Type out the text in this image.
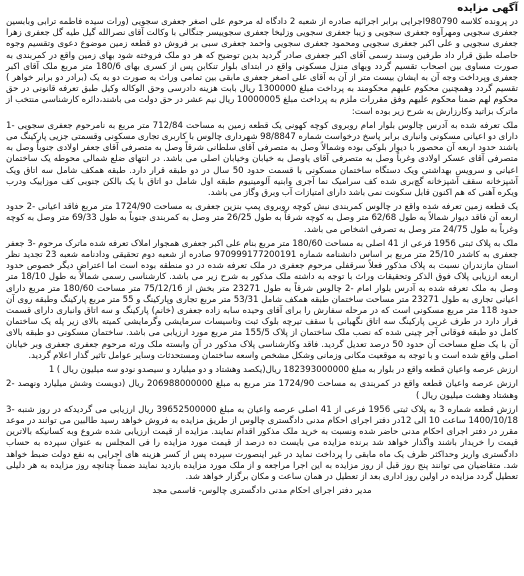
آگهی مزایده

در پرونده کلاسه 980790اجرایی برابر اجرائیه صادره از شعبه 2 دادگاه له مرحوم علی اصغر جعفری سجویی (ورات سیده فاطمه ترابی وبابسین جعفری سجویی ومهرآوه جعفری سجویی و زیبا جعفری سجویی وزلیخا جعفری سجوییسر جنگالی با وکالت آقای نصرالله گیل طیه گل جعفری زهرا جعفری سجویی و علی اکبر جعفری سجویی ومحمود جعفری سجویی واحمد جعفری سبی بر فروش دو قطعه زمین موضوع دعوی وتقسیم وجوه حاصله طبق قرار داد طرفین وسند رسمی آقای اکبر جعفری صادر گردید بدین توضیح که هر دو ملک فروخته شود بهای زمین واقع در کمربندی به صورت مساوی بین اصحاب تقسیم گردد وبهای منزل مسکونی واقع در ابتدای بلوار تنکابن پس از کسری بهای 180/6 متر مربع ملک آقای اکبر جعفری وپرداخت وجه آن به ایشان بیست متر از آن به آقای علی اصغر جعفری مابقی بین تمامی وراث به صورت دو به یک (برادر دو برابر خواهر ) تقسیم گردد وهمچنین محکوم علیهم محکومند به پرداخت مبلغ 1300000 ریال بابت هزینه دادرسی وحق الوکاله وکیل طبق تعرفه قانونی در حق محکوم لهم ضمنا محکوم علیهم وفق مقررات ملزم به پرداخت مبلغ 10000005 ریال نیم عشر در حق دولت می باشند،دائره کارشناسی منتخب از ماترک بزاتید وکارزارش به شرح زیر بوده است:

ملک تعرفه شده به آدرس چالوس بلوار امام روبروی کوچه کهونی یک قطعه زمین به مساحت 712/84 متر مربع به نامرحوم جعفری سجویی -1 دارای دو اعیانی مسکونی وانباری برابر پاسخ درخواست شماره 98/8847 شهرداری چالوس با کاربری تجاری مسکونی وقسمتی جزیی پارکینگ می باشند حدود اربعه آن محصور با دیوار بلوکی بوده وشمالاً وصل به متصرفی آقای سلطانی شرقاً وصل به متصرفی آقای جعفر اولادی جنوباً وصل به متصرفی آقای عسکر اولادی وغرباً وصل به متصرفی آقای یاوصل به خیابان وخیابان اصلی می باشد. در انتهای ضلع شمالی محوطه یک ساختمان اعیانی و سرویس بهداشتی ویک دستگاه ساختمان مسکونی با قسمت حدود 50 سال در دو طبقه قرار دارد. طبقه همکف شامل سه اتاق ویک آشپزخانه سقف آشپزخانه گچ‌بری شده کف سرامیک نما آجری وابنیه آلومینیوم طبقه اول شامل دو اتاق با یک بالکن جنوبی کف موزاییک ودرب ویکره آهنی که هم اکنون قابل سکونت نمی باشد دارای امتیازات آب وبرق وگاز می باشد.

یک قطعه زمین تعرفه شده واقع در چالوس کمربندی نبش کوچه روبروی پمپ بنزین جعفری به مساحت 1724/90 متر مربع فاقد اعیانی -2 حدود اربعه آن فاقد دیوار شمالاً به طول 62/68 متر وصل به کوچه شرقاً به طول 26/25 متر وصل به کمربندی جنوباً به طول 69/33 متر وصل به کوچه وغرباً به طول 24/75 متر وصل به تصرفی اشخاص می باشد.

ملک به پلاک ثبتی 1956 فرعی از 41 اصلی به مساحت 180/60 متر مربع بنام علی اکبر جعفری همجوار املاک تعرفه شده ماترک مرحوم -3 جعفر جعفری به کاشدر 25/10 متر مربع بر اساس دانشنامه شماره 970999177200191 صادره از شعبه دوم تحقیقی ودادنامه شعبه 23 تجدید نظر استان مازندران نسبت به پلاک مذکور فعلاً سرقفلی مرحوم جعفری در ملک تعرفه شده در دو منطقه بوده است اما اعتراض دیگر خصوص حدود اربعه ارزیابی پلاک فوق الذکر وتحقیقات وراث با توجه به داشته ملک مذکور به شرح زیر می باشد. کارشناسی رسمی شمالاً به طول 18/10 متر وصل به ملک تعرفه شده به آدرس بلوار امام -2 چالوس شرقاً به طول 23271 متر بخش از 75/12/16 متر مساحت 180/60 متر مربع دارای اعیانی تجاری به طول 23271 متر مساحت ساختمان طبقه همکف شامل 53/31 متر مربع تجاری وپارکینگ و 55 متر مربع پارکینگ وطبقه روی آن حدود 118 متر مربع مسکونی است که در مرحله سفارش را برای آقای وحیده سابه زاده جعفری (خانم) پارکینگ و سه اتاق وانباری دارای قسمت قرار دارد در طرف غربی پارکینگ سه اتاق نگهبانی با سقف تیرچه بلوک ثبت وتاسیسات سرمایشی وگرمایشی کمیته بالای زیر پله یک ساختمان کامل دو طبقه فوقانی آجر چینی شده که نصب ملک ساختمان از پلاک 155/5 متر مربع مورد ارزیابی می باشد. ساختمان مسکونی دو طبقه بالای آن با یک ضلع مساحت آن حدود 50 درصد تعدیل گردید. فاقد وکارشناسی پلاک مذکور در آن وابسته ملک ورثه مرحوم جعفری جعفری وبر خیابان اصلی واقع شده است و با توجه به موقعیت مکانی وزمانی وشکل مشخص واسعه ساختمان ومستحدثات وسایر عوامل تاثیر گذار اعلام گردید.

ارزش عرصه واعیان قطعه واقع در بلوار به مبلغ 182393000000 ریال(یکصد وهشتاد و دو میلیارد و سیصدو نودو سه میلیون ریال ) 1

ارزش عرصه واعیان قطعه واقع در کمربندی به مساحت 1724/90 متر مربع به مبلغ 206988000000 ریال (دویست وشش میلیارد ونهصد -2 وهشتاد وهشت میلیون ریال )

ارزش قطعه شماره 3 به پلاک ثبتی 1956 فرعی از 41 اصلی عرصه واعیان به مبلغ 39652500000 ریال ارزیابی می گردیدکه در روز شنبه -3 1400/10/18 ساعت 10 الی 12در دفتر اجرای احکام مدنی دادگستری چالوس از طریق مزایده به فروش خواهد رسید طالبین می توانند در موعد مقرر در دفتر اجرای احکام مدنی حاضر شده ونسبت به خرید ملک مذکور اقدام نمایند. مزایده از قیمت ارزیابی شده شروع وبه کسانیکه بالاترین قیمت را خریدار باشند واگذار خواهد شد برنده مزایده می بایست ده درصد از قیمت مورد مزایده را فی المجلس به عنوان سپرده به حساب دادگستری واریز وحداکثر ظرف یک ماه مابقی را پرداخت نماید در غیر اینصورت سپرده پس از کسر هزینه های اجرایی به نفع دولت ضبط خواهد شد. متقاضیان می توانند پنج روز قبل از روز مزایده به این اجرا مراجعه و از ملک مورد مزایده بازدید نمایند ضمناً چنانچه روز مزایده به هر دلیلی تعطیل گردد مزایده در اولین روز اداری بعد از تعطیل در همان ساعت و مکان برگزار خواهد شد.

مدیر دفتر اجرای احکام مدنی دادگستری چالوس- قاسمی مجد
